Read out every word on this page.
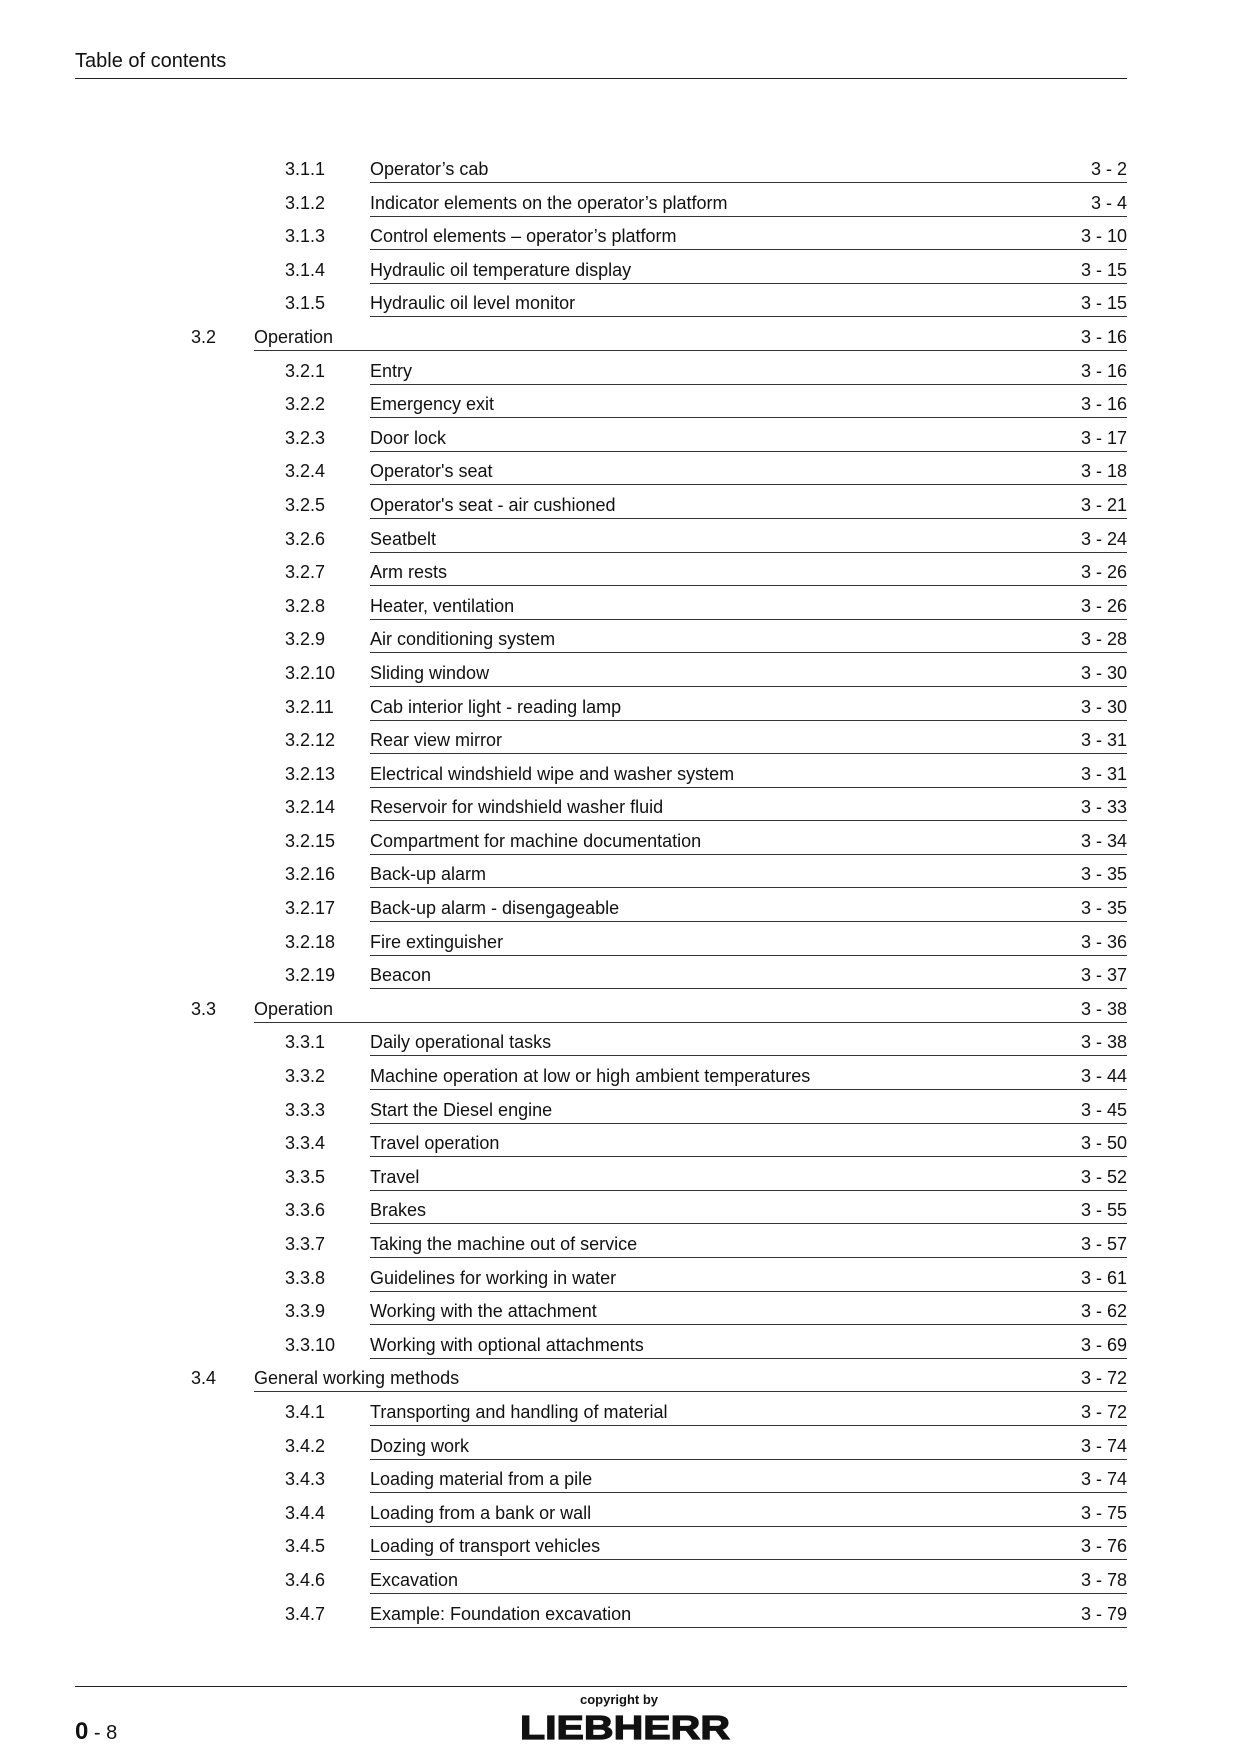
Table of contents
3.1.1 Operator’s cab	3 - 2
3.1.2 Indicator elements on the operator’s platform	3 - 4
3.1.3 Control elements – operator’s platform	3 - 10
3.1.4 Hydraulic oil temperature display	3 - 15
3.1.5 Hydraulic oil level monitor	3 - 15
3.2 Operation	3 - 16
3.2.1 Entry	3 - 16
3.2.2 Emergency exit	3 - 16
3.2.3 Door lock	3 - 17
3.2.4 Operator's seat	3 - 18
3.2.5 Operator's seat - air cushioned	3 - 21
3.2.6 Seatbelt	3 - 24
3.2.7 Arm rests	3 - 26
3.2.8 Heater, ventilation	3 - 26
3.2.9 Air conditioning system	3 - 28
3.2.10 Sliding window	3 - 30
3.2.11 Cab interior light - reading lamp	3 - 30
3.2.12 Rear view mirror	3 - 31
3.2.13 Electrical windshield wipe and washer system	3 - 31
3.2.14 Reservoir for windshield washer fluid	3 - 33
3.2.15 Compartment for machine documentation	3 - 34
3.2.16 Back-up alarm	3 - 35
3.2.17 Back-up alarm - disengageable	3 - 35
3.2.18 Fire extinguisher	3 - 36
3.2.19 Beacon	3 - 37
3.3 Operation	3 - 38
3.3.1 Daily operational tasks	3 - 38
3.3.2 Machine operation at low or high ambient temperatures	3 - 44
3.3.3 Start the Diesel engine	3 - 45
3.3.4 Travel operation	3 - 50
3.3.5 Travel	3 - 52
3.3.6 Brakes	3 - 55
3.3.7 Taking the machine out of service	3 - 57
3.3.8 Guidelines for working in water	3 - 61
3.3.9 Working with the attachment	3 - 62
3.3.10 Working with optional attachments	3 - 69
3.4 General working methods	3 - 72
3.4.1 Transporting and handling of material	3 - 72
3.4.2 Dozing work	3 - 74
3.4.3 Loading material from a pile	3 - 74
3.4.4 Loading from a bank or wall	3 - 75
3.4.5 Loading of transport vehicles	3 - 76
3.4.6 Excavation	3 - 78
3.4.7 Example: Foundation excavation	3 - 79
0 - 8
copyright by
LIEBHERR
